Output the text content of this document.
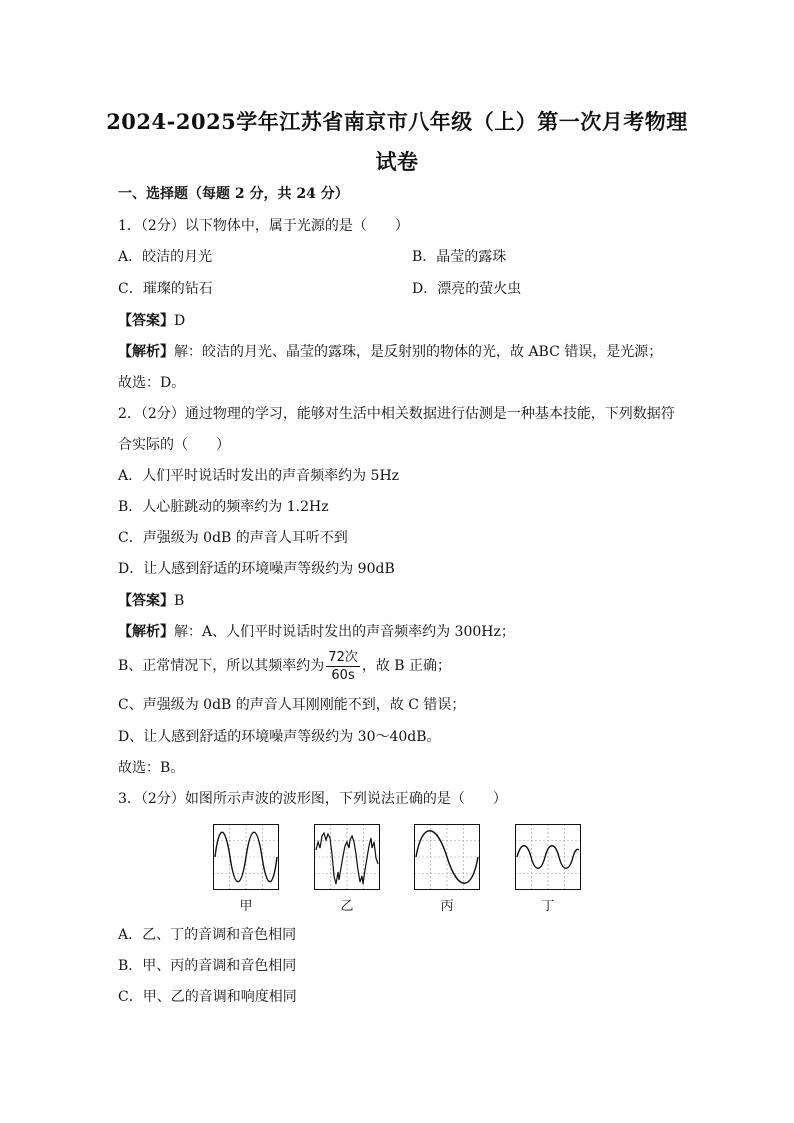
2024-2025学年江苏省南京市八年级（上）第一次月考物理
试卷
一、选择题（每题 2 分，共 24 分）
1．（2分）以下物体中，属于光源的是（　　）
A．皎洁的月光	B．晶莹的露珠
C．璀璨的钻石	D．漂亮的萤火虫
【答案】D
【解析】解：皎洁的月光、晶莹的露珠，是反射别的物体的光，故 ABC 错误，是光源；
故选：D。
2．（2分）通过物理的学习，能够对生活中相关数据进行估测是一种基本技能，下列数据符
合实际的（　　）
A．人们平时说话时发出的声音频率约为 5Hz
B．人心脏跳动的频率约为 1.2Hz
C．声强级为 0dB 的声音人耳听不到
D．让人感到舒适的环境噪声等级约为 90dB
【答案】B
【解析】解：A、人们平时说话时发出的声音频率约为 300Hz；
B、正常情况下，所以其频率约为 $\frac{\text{72次}}{60s}$ ，故 B 正确；
C、声强级为 0dB 的声音人耳刚刚能不到，故 C 错误；
D、让人感到舒适的环境噪声等级约为 30～40dB。
故选：B。
3．（2分）如图所示声波的波形图，下列说法正确的是（　　）
甲	乙	丙	丁
A．乙、丁的音调和音色相同
B．甲、丙的音调和音色相同
C．甲、乙的音调和响度相同
